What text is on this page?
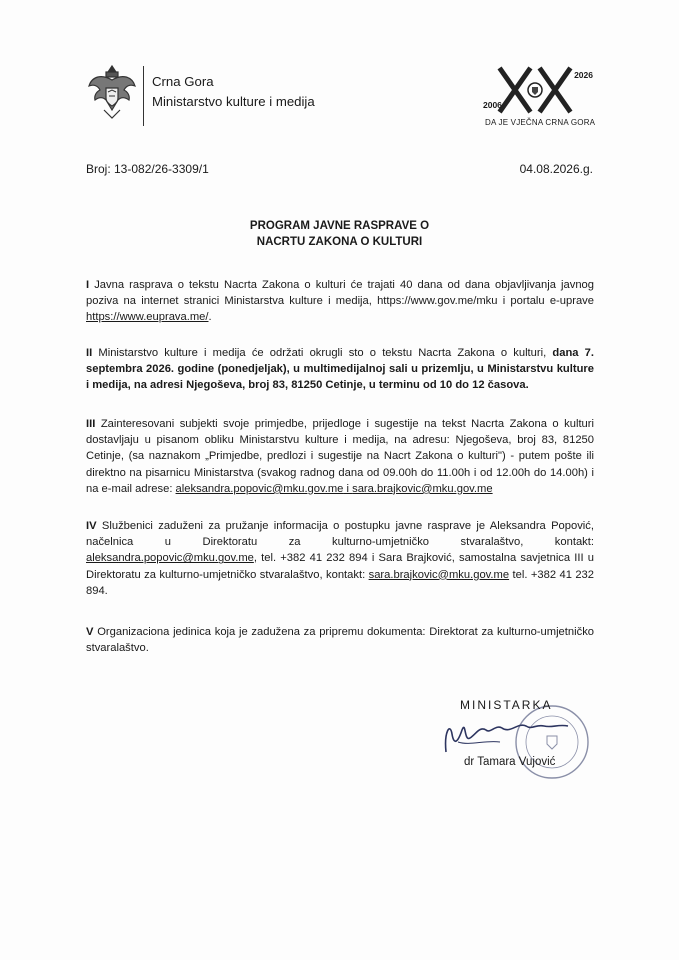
Crna Gora
Ministarstvo kulture i medija	2006
2026
DA JE VJEČNA CRNA GORA
Broj: 13-082/26-3309/1	04.08.2026.g.
PROGRAM JAVNE RASPRAVE O
NACRTU ZAKONA O KULTURI
I Javna rasprava o tekstu Nacrta Zakona o kulturi će trajati 40 dana od dana objavljivanja javnog poziva na internet stranici Ministarstva kulture i medija, https://www.gov.me/mku i portalu e-uprave https://www.euprava.me/.
II Ministarstvo kulture i medija će održati okrugli sto o tekstu Nacrta Zakona o kulturi, dana 7. septembra 2026. godine (ponedjeljak), u multimedijalnoj sali u prizemlju, u Ministarstvu kulture i medija, na adresi Njegoševa, broj 83, 81250 Cetinje, u terminu od 10 do 12 časova.
III Zainteresovani subjekti svoje primjedbe, prijedloge i sugestije na tekst Nacrta Zakona o kulturi dostavljaju u pisanom obliku Ministarstvu kulture i medija, na adresu: Njegoševa, broj 83, 81250 Cetinje, (sa naznakom „Primjedbe, predlozi i sugestije na Nacrt Zakona o kulturi") - putem pošte ili direktno na pisarnicu Ministarstva (svakog radnog dana od 09.00h do 11.00h i od 12.00h do 14.00h) i na e-mail adrese: aleksandra.popovic@mku.gov.me i sara.brajkovic@mku.gov.me
IV Službenici zaduženi za pružanje informacija o postupku javne rasprave je Aleksandra Popović, načelnica u Direktoratu za kulturno-umjetničko stvaralaštvo, kontakt: aleksandra.popovic@mku.gov.me, tel. +382 41 232 894 i Sara Brajković, samostalna savjetnica III u Direktoratu za kulturno-umjetničko stvaralaštvo, kontakt: sara.brajkovic@mku.gov.me tel. +382 41 232 894.
V Organizaciona jedinica koja je zadužena za pripremu dokumenta: Direktorat za kulturno-umjetničko stvaralaštvo.
MINISTARKA
dr Tamara Vujović
